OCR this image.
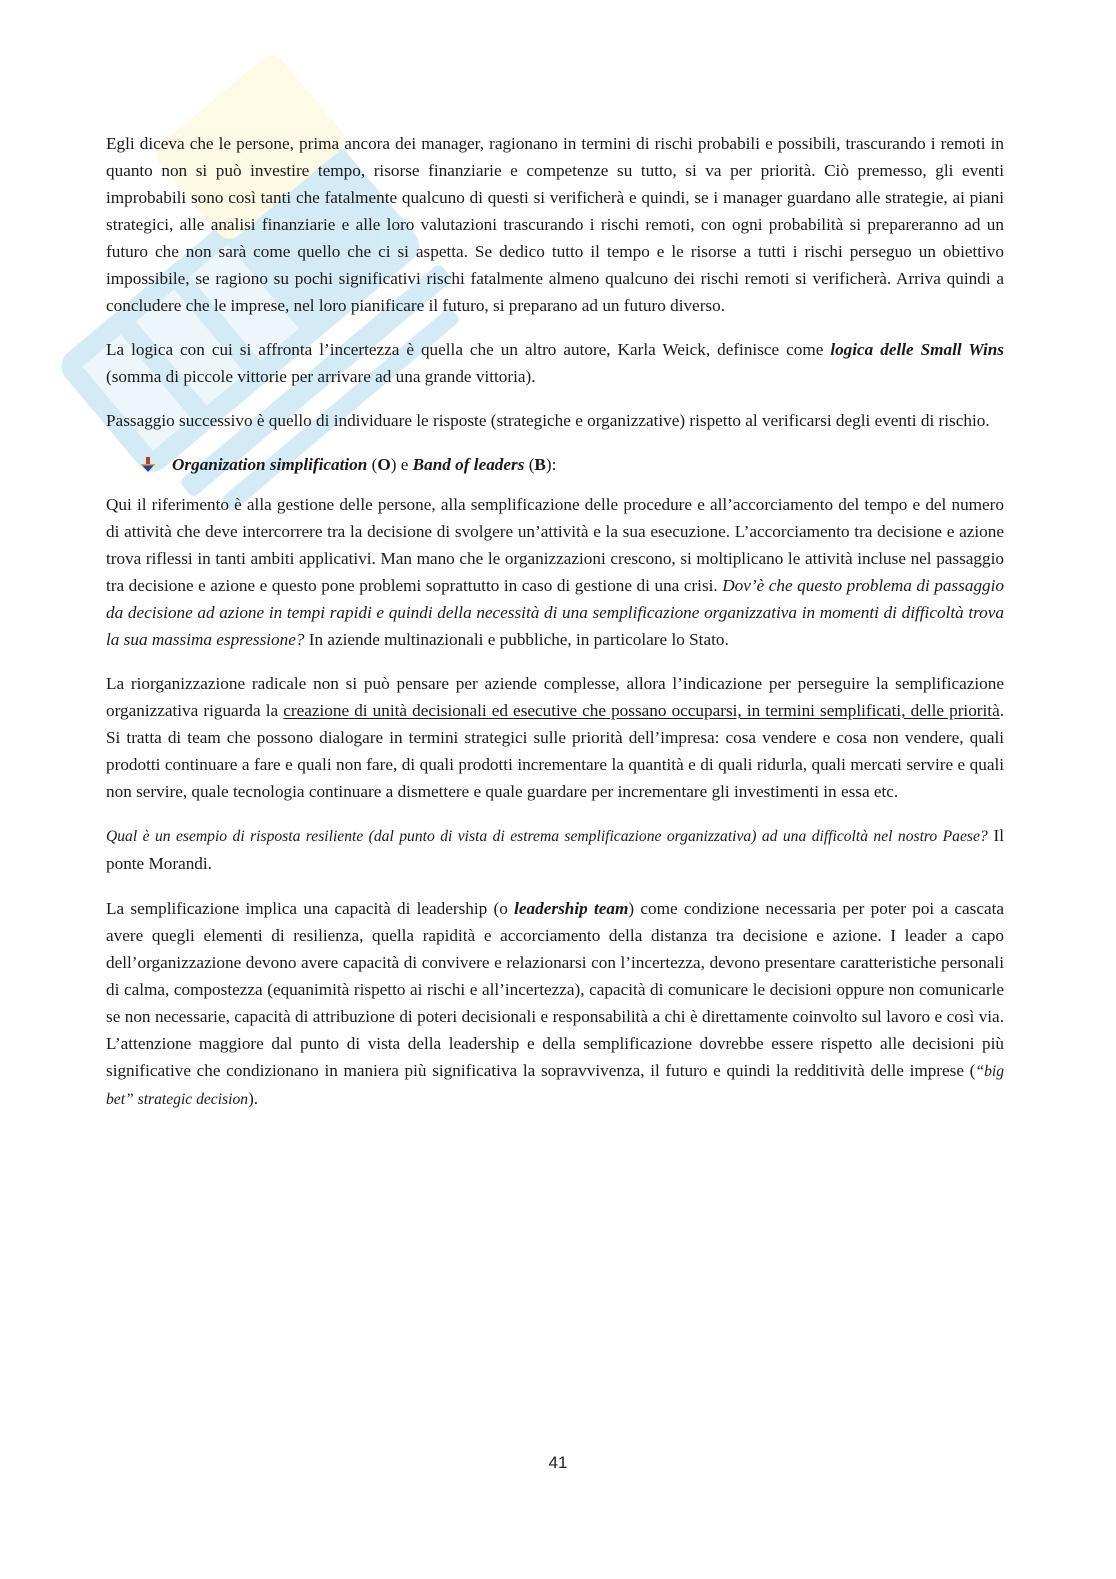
Egli diceva che le persone, prima ancora dei manager, ragionano in termini di rischi probabili e possibili, trascurando i remoti in quanto non si può investire tempo, risorse finanziarie e competenze su tutto, si va per priorità. Ciò premesso, gli eventi improbabili sono così tanti che fatalmente qualcuno di questi si verificherà e quindi, se i manager guardano alle strategie, ai piani strategici, alle analisi finanziarie e alle loro valutazioni trascurando i rischi remoti, con ogni probabilità si prepareranno ad un futuro che non sarà come quello che ci si aspetta. Se dedico tutto il tempo e le risorse a tutti i rischi perseguo un obiettivo impossibile, se ragiono su pochi significativi rischi fatalmente almeno qualcuno dei rischi remoti si verificherà. Arriva quindi a concludere che le imprese, nel loro pianificare il futuro, si preparano ad un futuro diverso.

La logica con cui si affronta l’incertezza è quella che un altro autore, Karla Weick, definisce come logica delle Small Wins (somma di piccole vittorie per arrivare ad una grande vittoria).

Passaggio successivo è quello di individuare le risposte (strategiche e organizzative) rispetto al verificarsi degli eventi di rischio.

Organization simplification (O) e Band of leaders (B):

Qui il riferimento è alla gestione delle persone, alla semplificazione delle procedure e all’accorciamento del tempo e del numero di attività che deve intercorrere tra la decisione di svolgere un’attività e la sua esecuzione. L’accorciamento tra decisione e azione trova riflessi in tanti ambiti applicativi. Man mano che le organizzazioni crescono, si moltiplicano le attività incluse nel passaggio tra decisione e azione e questo pone problemi soprattutto in caso di gestione di una crisi. Dov’è che questo problema di passaggio da decisione ad azione in tempi rapidi e quindi della necessità di una semplificazione organizzativa in momenti di difficoltà trova la sua massima espressione? In aziende multinazionali e pubbliche, in particolare lo Stato.

La riorganizzazione radicale non si può pensare per aziende complesse, allora l’indicazione per perseguire la semplificazione organizzativa riguarda la creazione di unità decisionali ed esecutive che possano occuparsi, in termini semplificati, delle priorità. Si tratta di team che possono dialogare in termini strategici sulle priorità dell’impresa: cosa vendere e cosa non vendere, quali prodotti continuare a fare e quali non fare, di quali prodotti incrementare la quantità e di quali ridurla, quali mercati servire e quali non servire, quale tecnologia continuare a dismettere e quale guardare per incrementare gli investimenti in essa etc.

Qual è un esempio di risposta resiliente (dal punto di vista di estrema semplificazione organizzativa) ad una difficoltà nel nostro Paese? Il ponte Morandi.

La semplificazione implica una capacità di leadership (o leadership team) come condizione necessaria per poter poi a cascata avere quegli elementi di resilienza, quella rapidità e accorciamento della distanza tra decisione e azione. I leader a capo dell’organizzazione devono avere capacità di convivere e relazionarsi con l’incertezza, devono presentare caratteristiche personali di calma, compostezza (equanimità rispetto ai rischi e all’incertezza), capacità di comunicare le decisioni oppure non comunicarle se non necessarie, capacità di attribuzione di poteri decisionali e responsabilità a chi è direttamente coinvolto sul lavoro e così via. L’attenzione maggiore dal punto di vista della leadership e della semplificazione dovrebbe essere rispetto alle decisioni più significative che condizionano in maniera più significativa la sopravvivenza, il futuro e quindi la redditività delle imprese (“big bet” strategic decision).

41
